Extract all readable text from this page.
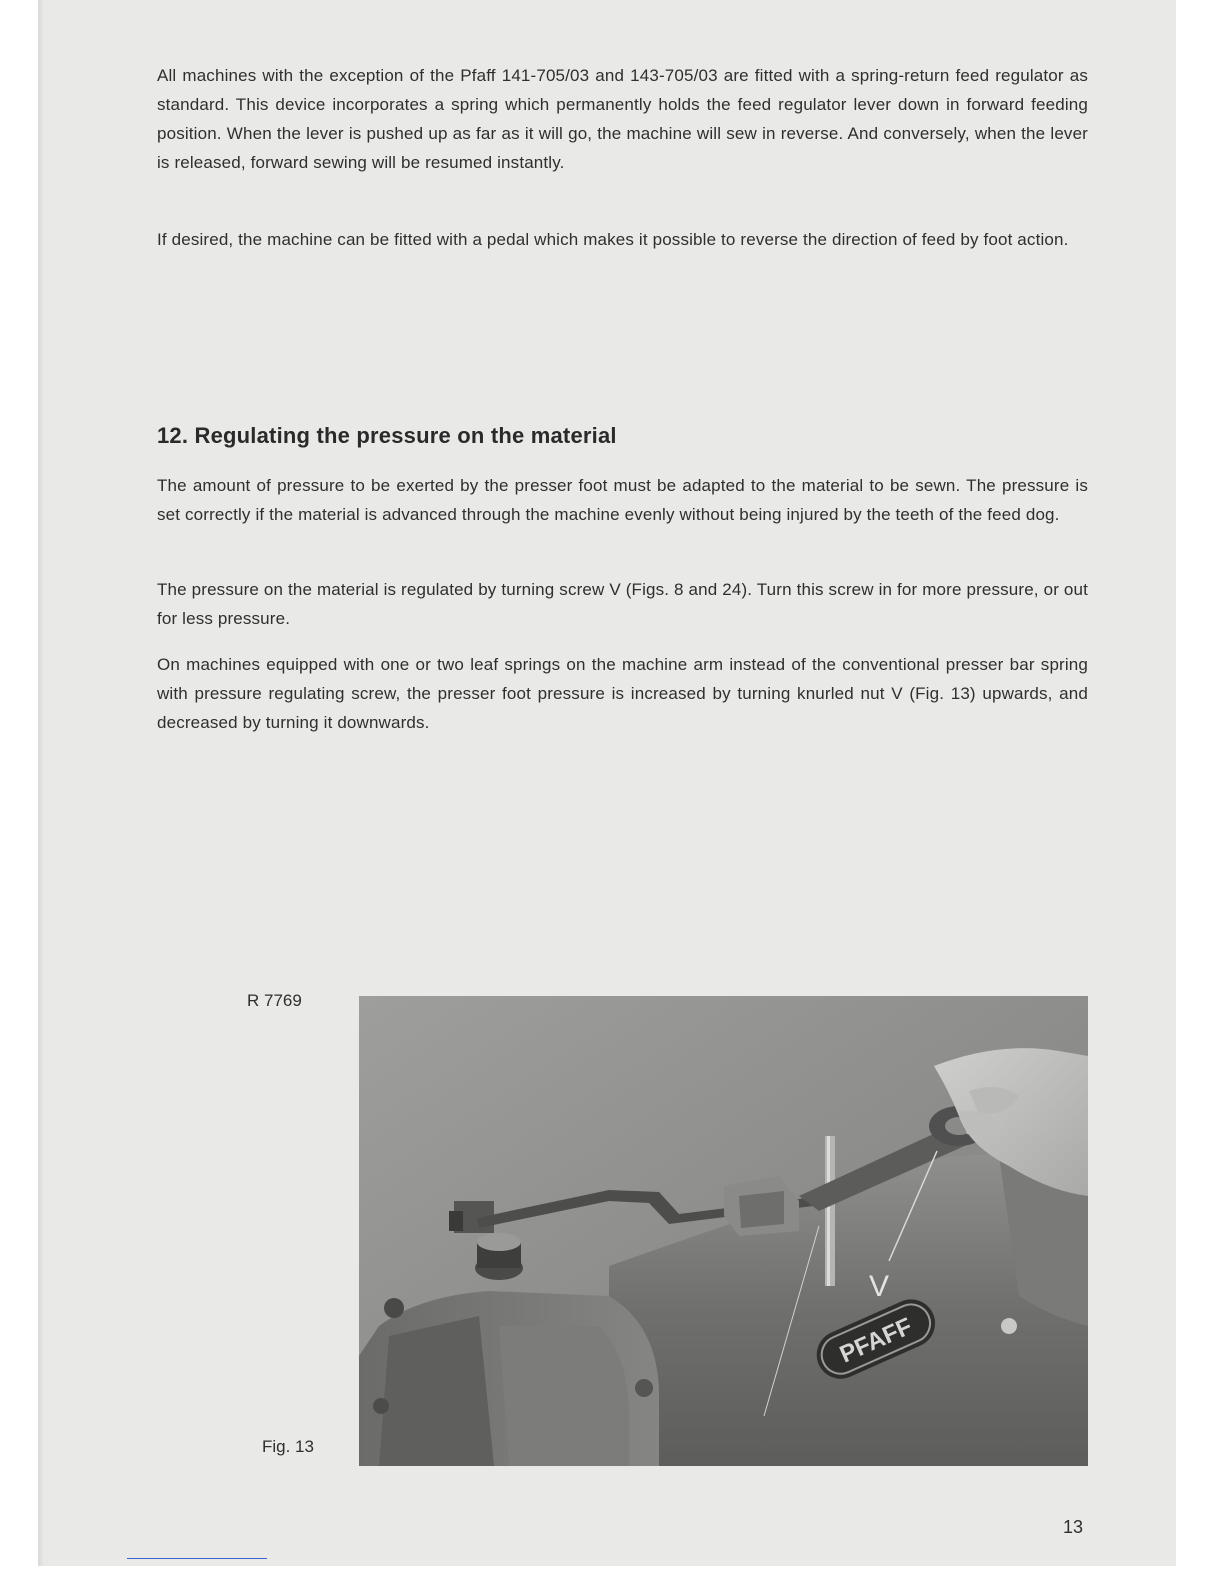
All machines with the exception of the Pfaff 141-705/03 and 143-705/03 are fitted with a spring-return feed regulator as standard. This device incorporates a spring which permanently holds the feed regulator lever down in forward feeding position. When the lever is pushed up as far as it will go, the machine will sew in reverse. And conversely, when the lever is released, forward sewing will be resumed instantly.

If desired, the machine can be fitted with a pedal which makes it possible to reverse the direction of feed by foot action.

12. Regulating the pressure on the material

The amount of pressure to be exerted by the presser foot must be adapted to the material to be sewn. The pressure is set correctly if the material is advanced through the machine evenly without being injured by the teeth of the feed dog.

The pressure on the material is regulated by turning screw V (Figs. 8 and 24). Turn this screw in for more pressure, or out for less pressure.

On machines equipped with one or two leaf springs on the machine arm instead of the conventional presser bar spring with pressure regulating screw, the presser foot pressure is increased by turning knurled nut V (Fig. 13) upwards, and decreased by turning it downwards.

R 7769
Fig. 13
PFAFF
V
13
